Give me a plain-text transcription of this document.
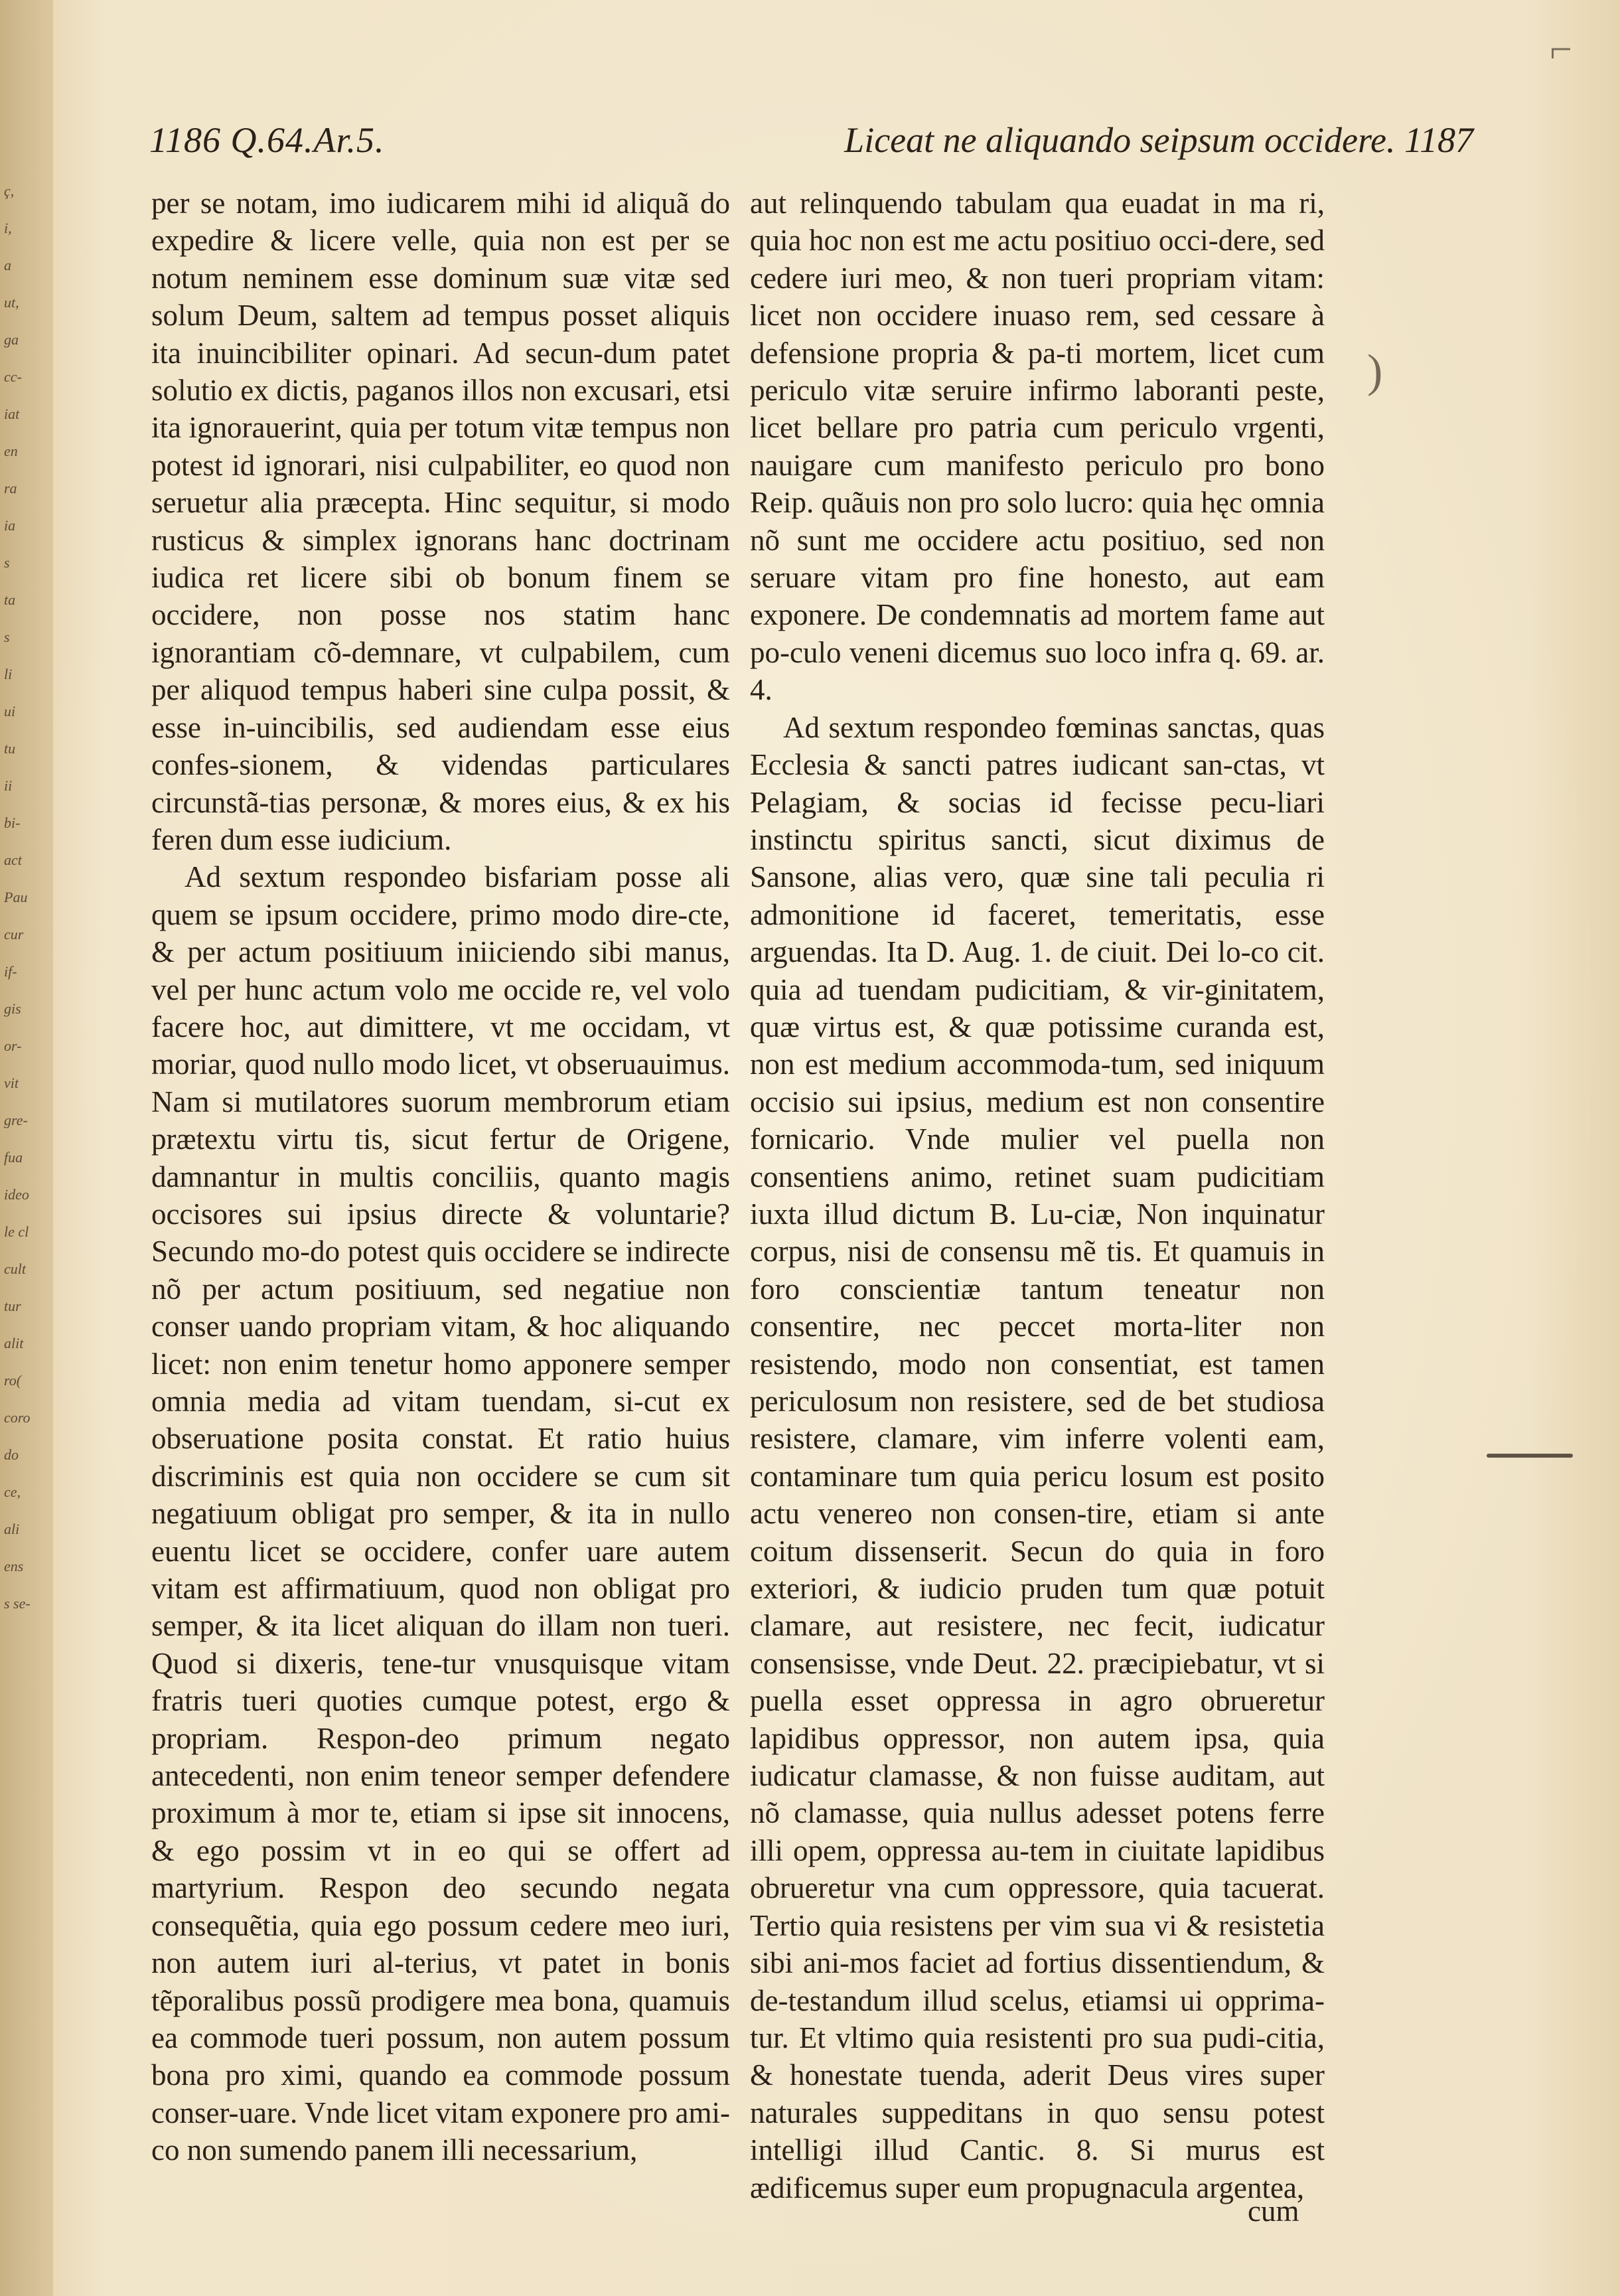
ç,
i,
a
ut,
ga
cc-
iat
en
ra
ia
s
ta
s
li
ui
tu
ii
bi-
act
Pau
cur
if-
gis
or-
vit
gre-
fua
ideo
le cl
cult
tur
alit
ro(
coro
do
ce,
ali
ens
s se-
1186 Q.64.Ar.5.	Liceat ne aliquando seipsum occidere. 1187

per se notam, imo iudicarem mihi id aliquã do expedire & licere velle, quia non est per se notum neminem esse dominum suæ vitæ sed solum Deum, saltem ad tempus posset aliquis ita inuincibiliter opinari. Ad secun-dum patet solutio ex dictis, paganos illos non excusari, etsi ita ignorauerint, quia per totum vitæ tempus non potest id ignorari, nisi culpabiliter, eo quod non seruetur alia præcepta. Hinc sequitur, si modo rusticus & simplex ignorans hanc doctrinam iudica ret licere sibi ob bonum finem se occidere, non posse nos statim hanc ignorantiam cõ-demnare, vt culpabilem, cum per aliquod tempus haberi sine culpa possit, & esse in-uincibilis, sed audiendam esse eius confes-sionem, & videndas particulares circunstã-tias personæ, & mores eius, & ex his feren dum esse iudicium.

Ad sextum respondeo bisfariam posse ali quem se ipsum occidere, primo modo dire-cte, & per actum positiuum iniiciendo sibi manus, vel per hunc actum volo me occide re, vel volo facere hoc, aut dimittere, vt me occidam, vt moriar, quod nullo modo licet, vt obseruauimus. Nam si mutilatores suorum membrorum etiam prætextu virtu tis, sicut fertur de Origene, damnantur in multis conciliis, quanto magis occisores sui ipsius directe & voluntarie? Secundo mo-do potest quis occidere se indirecte nõ per actum positiuum, sed negatiue non conser uando propriam vitam, & hoc aliquando licet: non enim tenetur homo apponere semper omnia media ad vitam tuendam, si-cut ex obseruatione posita constat. Et ratio huius discriminis est quia non occidere se cum sit negatiuum obligat pro semper, & ita in nullo euentu licet se occidere, confer uare autem vitam est affirmatiuum, quod non obligat pro semper, & ita licet aliquan do illam non tueri. Quod si dixeris, tene-tur vnusquisque vitam fratris tueri quoties cumque potest, ergo & propriam. Respon-deo primum negato antecedenti, non enim teneor semper defendere proximum à mor te, etiam si ipse sit innocens, & ego possim vt in eo qui se offert ad martyrium. Respon deo secundo negata consequẽtia, quia ego possum cedere meo iuri, non autem iuri al-terius, vt patet in bonis tẽporalibus possũ prodigere mea bona, quamuis ea commode tueri possum, non autem possum bona pro ximi, quando ea commode possum conser-uare. Vnde licet vitam exponere pro ami-co non sumendo panem illi necessarium,

aut relinquendo tabulam qua euadat in ma ri, quia hoc non est me actu positiuo occi-dere, sed cedere iuri meo, & non tueri propriam vitam: licet non occidere inuaso rem, sed cessare à defensione propria & pa-ti mortem, licet cum periculo vitæ seruire infirmo laboranti peste, licet bellare pro patria cum periculo vrgenti, nauigare cum manifesto periculo pro bono Reip. quãuis non pro solo lucro: quia hęc omnia nõ sunt me occidere actu positiuo, sed non seruare vitam pro fine honesto, aut eam exponere. De condemnatis ad mortem fame aut po-culo veneni dicemus suo loco infra q. 69. ar. 4.

Ad sextum respondeo fœminas sanctas, quas Ecclesia & sancti patres iudicant san-ctas, vt Pelagiam, & socias id fecisse pecu-liari instinctu spiritus sancti, sicut diximus de Sansone, alias vero, quæ sine tali peculia ri admonitione id faceret, temeritatis, esse arguendas. Ita D. Aug. 1. de ciuit. Dei lo-co cit. quia ad tuendam pudicitiam, & vir-ginitatem, quæ virtus est, & quæ potissime curanda est, non est medium accommoda-tum, sed iniquum occisio sui ipsius, medium est non consentire fornicario. Vnde mulier vel puella non consentiens animo, retinet suam pudicitiam iuxta illud dictum B. Lu-ciæ, Non inquinatur corpus, nisi de consensu mẽ tis. Et quamuis in foro conscientiæ tantum teneatur non consentire, nec peccet morta-liter non resistendo, modo non consentiat, est tamen periculosum non resistere, sed de bet studiosa resistere, clamare, vim inferre volenti eam, contaminare tum quia pericu losum est posito actu venereo non consen-tire, etiam si ante coitum dissenserit. Secun do quia in foro exteriori, & iudicio pruden tum quæ potuit clamare, aut resistere, nec fecit, iudicatur consensisse, vnde Deut. 22. præcipiebatur, vt si puella esset oppressa in agro obrueretur lapidibus oppressor, non autem ipsa, quia iudicatur clamasse, & non fuisse auditam, aut nõ clamasse, quia nullus adesset potens ferre illi opem, oppressa au-tem in ciuitate lapidibus obrueretur vna cum oppressore, quia tacuerat. Tertio quia resistens per vim sua vi & resistetia sibi ani-mos faciet ad fortius dissentiendum, & de-testandum illud scelus, etiamsi ui opprima-tur. Et vltimo quia resistenti pro sua pudi-citia, & honestate tuenda, aderit Deus vires super naturales suppeditans in quo sensu potest intelligi illud Cantic. 8. Si murus est ædificemus super eum propugnacula argentea,

cum
⌐
)
